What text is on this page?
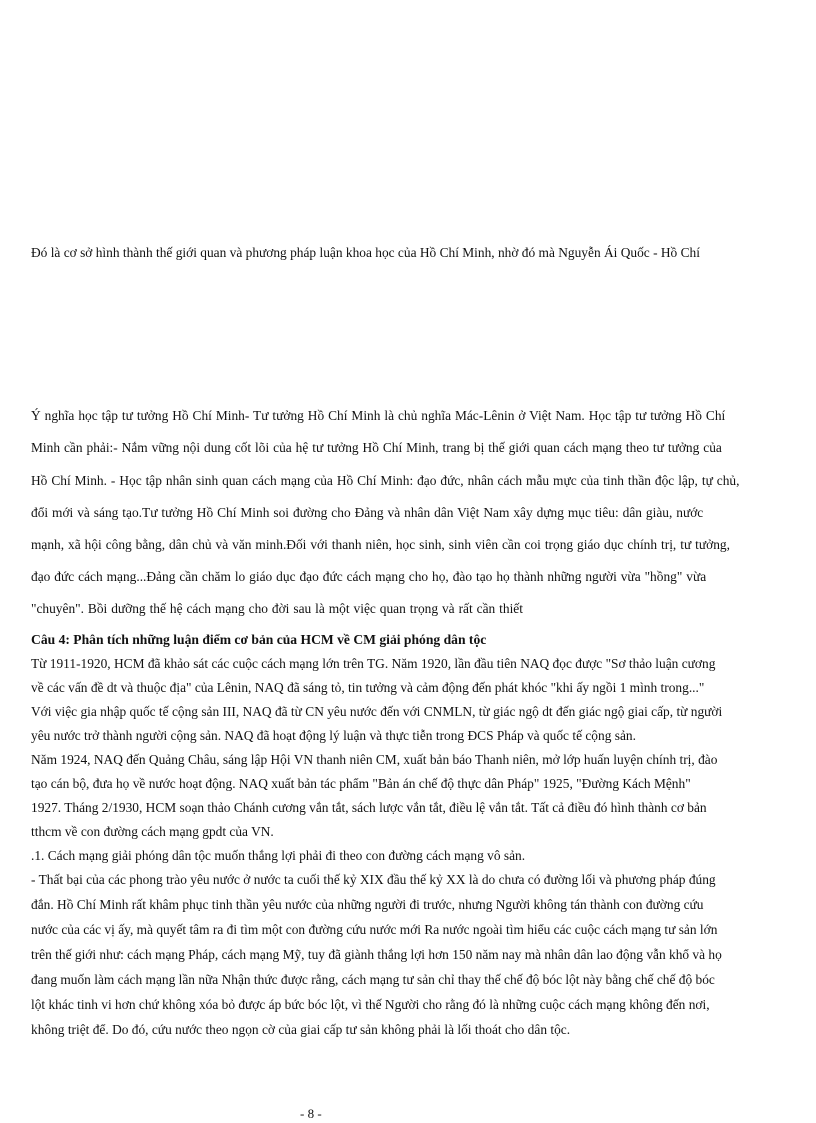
Đó là cơ sở hình thành thế giới quan và phương pháp luận khoa học của Hồ Chí Minh, nhờ đó mà Nguyễn Ái Quốc - Hồ Chí

Ý nghĩa học tập tư tưởng Hồ Chí Minh- Tư tưởng Hồ Chí Minh là chủ nghĩa Mác-Lênin ở Việt Nam. Học tập tư tưởng Hồ Chí

Minh cần phải:- Nắm vững nội dung cốt lõi của hệ tư tưởng Hồ Chí Minh, trang bị thế giới quan cách mạng theo tư tưởng của

Hồ Chí Minh. - Học tập nhân sinh quan cách mạng của Hồ Chí Minh: đạo đức, nhân cách mẫu mực của tinh thần độc lập, tự chủ,

đổi mới và sáng tạo.Tư tưởng Hồ Chí Minh soi đường cho Đảng và nhân dân Việt Nam xây dựng mục tiêu: dân giàu, nước

mạnh, xã hội công bằng, dân chủ và văn minh.Đối với thanh niên, học sinh, sinh viên cần coi trọng giáo dục chính trị, tư tưởng,

đạo đức cách mạng...Đảng cần chăm lo giáo dục đạo đức cách mạng cho họ, đào tạo họ thành những người vừa "hồng" vừa

"chuyên". Bồi dưỡng thế hệ cách mạng cho đời sau là một việc quan trọng và rất cần thiết

Câu 4: Phân tích những luận điểm cơ bản của HCM về CM giải phóng dân tộc

Từ 1911-1920, HCM đã khảo sát các cuộc cách mạng lớn trên TG. Năm 1920, lần đầu tiên NAQ đọc được "Sơ thảo luận cương

về các vấn đề dt và thuộc địa" của Lênin, NAQ đã sáng tỏ, tin tưởng và cảm động đến phát khóc "khi ấy ngồi 1 mình trong..."

Với việc gia nhập quốc tế cộng sản III, NAQ đã từ CN yêu nước đến với CNMLN, từ giác ngộ dt đến giác ngộ giai cấp, từ người

yêu nước trở thành người cộng sản. NAQ đã hoạt động lý luận và thực tiễn trong ĐCS Pháp và quốc tế cộng sản.

Năm 1924, NAQ đến Quảng Châu, sáng lập Hội VN thanh niên CM, xuất bản báo Thanh niên, mở lớp huấn luyện chính trị, đào

tạo cán bộ, đưa họ về nước hoạt động. NAQ xuất bản tác phẩm "Bản án chế độ thực dân Pháp" 1925, "Đường Kách Mệnh"

1927. Tháng 2/1930, HCM soạn thảo Chánh cương vắn tắt, sách lược vắn tắt, điều lệ vắn tắt. Tất cả điều đó hình thành cơ bản

tthcm về con đường cách mạng gpdt của VN.

.1. Cách mạng giải phóng dân tộc muốn thắng lợi phải đi theo con đường cách mạng vô sản.

- Thất bại của các phong trào yêu nước ở nước ta cuối thế kỷ XIX đầu thế kỷ XX là do chưa có đường lối và phương pháp đúng

đắn. Hồ Chí Minh rất khâm phục tinh thần yêu nước của những người đi trước, nhưng Người không tán thành con đường cứu

nước của các vị ấy, mà quyết tâm ra đi tìm một con đường cứu nước mới Ra nước ngoài tìm hiểu các cuộc cách mạng tư sản lớn

trên thế giới như: cách mạng Pháp, cách mạng Mỹ, tuy đã giành thắng lợi hơn 150 năm nay mà nhân dân lao động vẫn khổ và họ

đang muốn làm cách mạng lần nữa Nhận thức được rằng, cách mạng tư sản chỉ thay thế chế độ bóc lột này bằng chế chế độ bóc

lột khác tinh vi hơn chứ không xóa bỏ được áp bức bóc lột, vì thế Người cho rằng đó là những cuộc cách mạng không đến nơi,

không triệt để. Do đó, cứu nước theo ngọn cờ của giai cấp tư sản không phải là lối thoát cho dân tộc.

- 8 -
